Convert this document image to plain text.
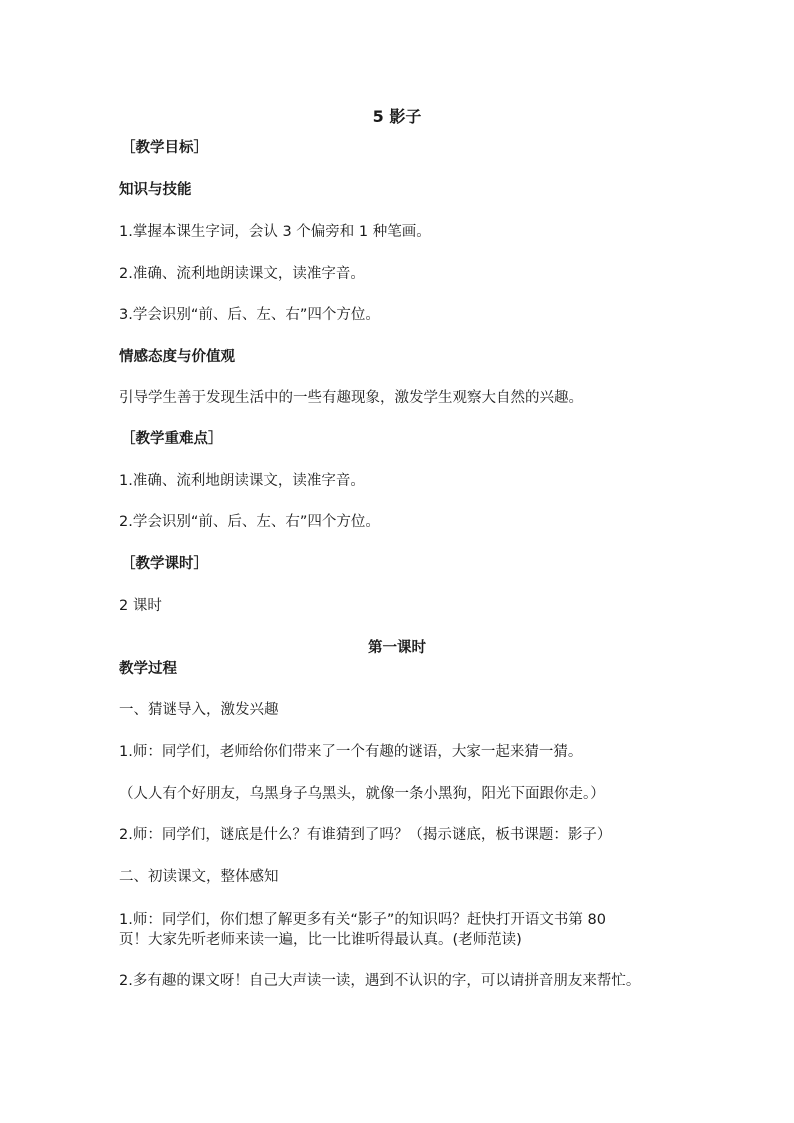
5 影子
［教学目标］
知识与技能
1.掌握本课生字词，会认 3 个偏旁和 1 种笔画。
2.准确、流利地朗读课文，读准字音。
3.学会识别“前、后、左、右”四个方位。
情感态度与价值观
引导学生善于发现生活中的一些有趣现象，激发学生观察大自然的兴趣。
［教学重难点］
1.准确、流利地朗读课文，读准字音。
2.学会识别“前、后、左、右”四个方位。
［教学课时］
2 课时
第一课时
教学过程
一、猜谜导入，激发兴趣
1.师：同学们，老师给你们带来了一个有趣的谜语，大家一起来猜一猜。
（人人有个好朋友，乌黑身子乌黑头，就像一条小黑狗，阳光下面跟你走。）
2.师：同学们，谜底是什么？有谁猜到了吗？（揭示谜底，板书课题：影子）
二、初读课文，整体感知
1.师：同学们，你们想了解更多有关“影子”的知识吗？赶快打开语文书第 80
页！大家先听老师来读一遍，比一比谁听得最认真。(老师范读)
2.多有趣的课文呀！自己大声读一读，遇到不认识的字，可以请拼音朋友来帮忙。
